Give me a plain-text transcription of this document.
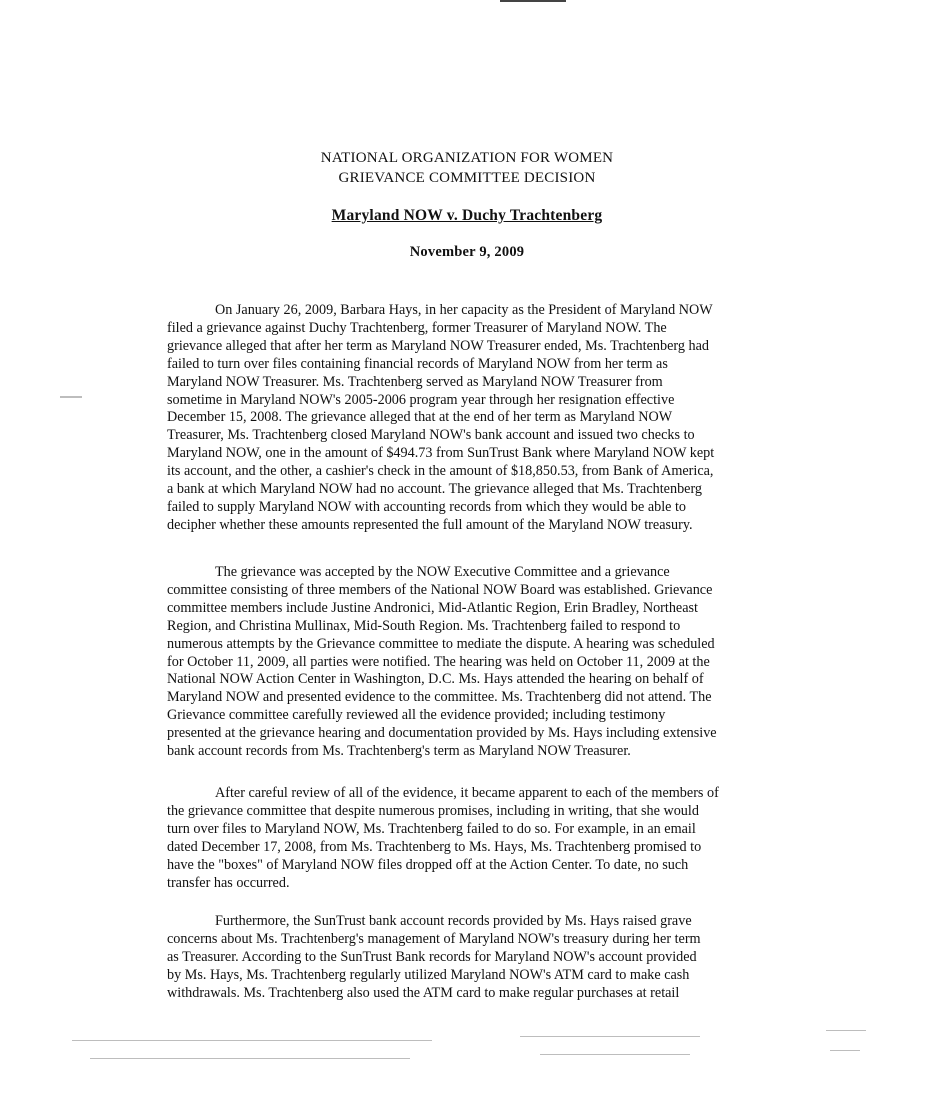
NATIONAL ORGANIZATION FOR WOMEN
GRIEVANCE COMMITTEE DECISION
Maryland NOW v. Duchy Trachtenberg
November 9, 2009
On January 26, 2009, Barbara Hays, in her capacity as the President of Maryland NOW
filed a grievance against Duchy Trachtenberg, former Treasurer of Maryland NOW. The
grievance alleged that after her term as Maryland NOW Treasurer ended, Ms. Trachtenberg had
failed to turn over files containing financial records of Maryland NOW from her term as
Maryland NOW Treasurer. Ms. Trachtenberg served as Maryland NOW Treasurer from
sometime in Maryland NOW's 2005-2006 program year through her resignation effective
December 15, 2008. The grievance alleged that at the end of her term as Maryland NOW
Treasurer, Ms. Trachtenberg closed Maryland NOW's bank account and issued two checks to
Maryland NOW, one in the amount of $494.73 from SunTrust Bank where Maryland NOW kept
its account, and the other, a cashier's check in the amount of $18,850.53, from Bank of America,
a bank at which Maryland NOW had no account. The grievance alleged that Ms. Trachtenberg
failed to supply Maryland NOW with accounting records from which they would be able to
decipher whether these amounts represented the full amount of the Maryland NOW treasury.
The grievance was accepted by the NOW Executive Committee and a grievance
committee consisting of three members of the National NOW Board was established. Grievance
committee members include Justine Andronici, Mid-Atlantic Region, Erin Bradley, Northeast
Region, and Christina Mullinax, Mid-South Region. Ms. Trachtenberg failed to respond to
numerous attempts by the Grievance committee to mediate the dispute. A hearing was scheduled
for October 11, 2009, all parties were notified. The hearing was held on October 11, 2009 at the
National NOW Action Center in Washington, D.C. Ms. Hays attended the hearing on behalf of
Maryland NOW and presented evidence to the committee. Ms. Trachtenberg did not attend. The
Grievance committee carefully reviewed all the evidence provided; including testimony
presented at the grievance hearing and documentation provided by Ms. Hays including extensive
bank account records from Ms. Trachtenberg's term as Maryland NOW Treasurer.
After careful review of all of the evidence, it became apparent to each of the members of
the grievance committee that despite numerous promises, including in writing, that she would
turn over files to Maryland NOW, Ms. Trachtenberg failed to do so. For example, in an email
dated December 17, 2008, from Ms. Trachtenberg to Ms. Hays, Ms. Trachtenberg promised to
have the "boxes" of Maryland NOW files dropped off at the Action Center. To date, no such
transfer has occurred.
Furthermore, the SunTrust bank account records provided by Ms. Hays raised grave
concerns about Ms. Trachtenberg's management of Maryland NOW's treasury during her term
as Treasurer. According to the SunTrust Bank records for Maryland NOW's account provided
by Ms. Hays, Ms. Trachtenberg regularly utilized Maryland NOW's ATM card to make cash
withdrawals. Ms. Trachtenberg also used the ATM card to make regular purchases at retail
